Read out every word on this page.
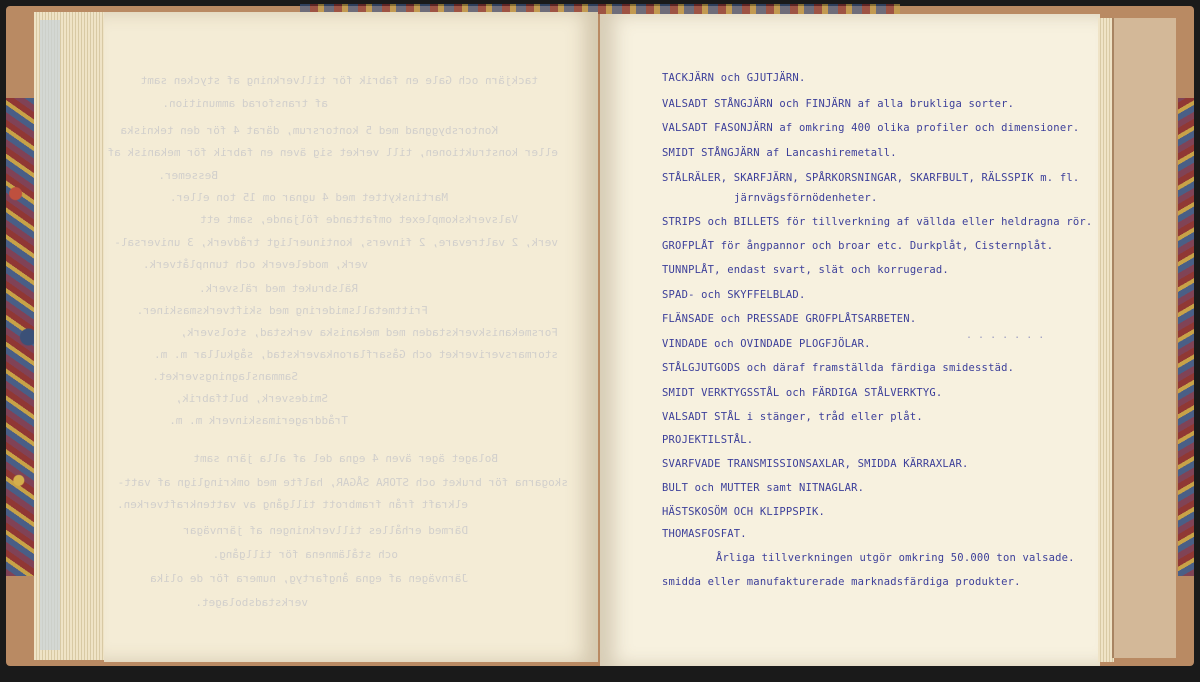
tackjärn och Gale en fabrik för tillverkning af stycken samt
af transforad ammunition.
Kontorsbyggnad med 5 kontorsrum, därat 4 för den tekniska
eller konstruktionen, till verket sig även en fabrik för mekanisk af
Bessemer.
Martinskyttet med 4 ugnar om 15 ton eller.
Valsverkskomplexet omfattande följande, samt ett
verk, 2 valtrevare, 2 finvers, kontinuerligt trådverk, 3 universal-
verk, modeleverk och tunnplåtverk.
Rälsbruket med rälsverk.
Frittmetallsmidering med skiftverksmaskiner.
Forsmekaniskverkstaden med mekaniska verkstad, stolsverk,
stormarsveriverket och Gåsarflaronkaverkstad, sågkullar m. m.
Sammanslagningsverket.
Smidesverk, bultfabrik,
Tråddragerimaskinverk m. m.
Bolaget äger även 4 egna del af alla järn samt
skogarna för bruket och STORA SÅGAR, halfte med omkringlign af vatt-
elkraft från frambrott tillgång av vattenkraftverken.
Därmed erhålles tillverkningen af järnvägar
och stålämnena för tillgång.
Järnvägen af egna ångfartyg, numera för de olika
verkstadsbolaget.
TACKJÄRN och GJUTJÄRN.
VALSADT STÅNGJÄRN och FINJÄRN af alla brukliga sorter.
VALSADT FASONJÄRN af omkring 400 olika profiler och dimensioner.
SMIDT STÅNGJÄRN af Lancashiremetall.
STÅLRÄLER, SKARFJÄRN, SPÅRKORSNINGAR, SKARFBULT, RÄLSSPIK m. fl.
järnvägsförnödenheter.
STRIPS och BILLETS för tillverkning af vällda eller heldragna rör.
GROFPLÅT för ångpannor och broar etc. Durkplåt, Cisternplåt.
TUNNPLÅT, endast svart, slät och korrugerad.
SPAD- och SKYFFELBLAD.
FLÄNSADE och PRESSADE GROFPLÅTSARBETEN.
VINDADE och OVINDADE PLOGFJÖLAR.
. . . . . . .
STÅLGJUTGODS och däraf framställda färdiga smidesstäd.
SMIDT VERKTYGSSTÅL och FÄRDIGA STÅLVERKTYG.
VALSADT STÅL i stänger, tråd eller plåt.
PROJEKTILSTÅL.
SVARFVADE TRANSMISSIONSAXLAR, SMIDDA KÄRRAXLAR.
BULT och MUTTER samt NITNAGLAR.
HÄSTSKOSÖM OCH KLIPPSPIK.
THOMASFOSFAT.
Årliga tillverkningen utgör omkring 50.000 ton valsade.
smidda eller manufakturerade marknadsfärdiga produkter.
